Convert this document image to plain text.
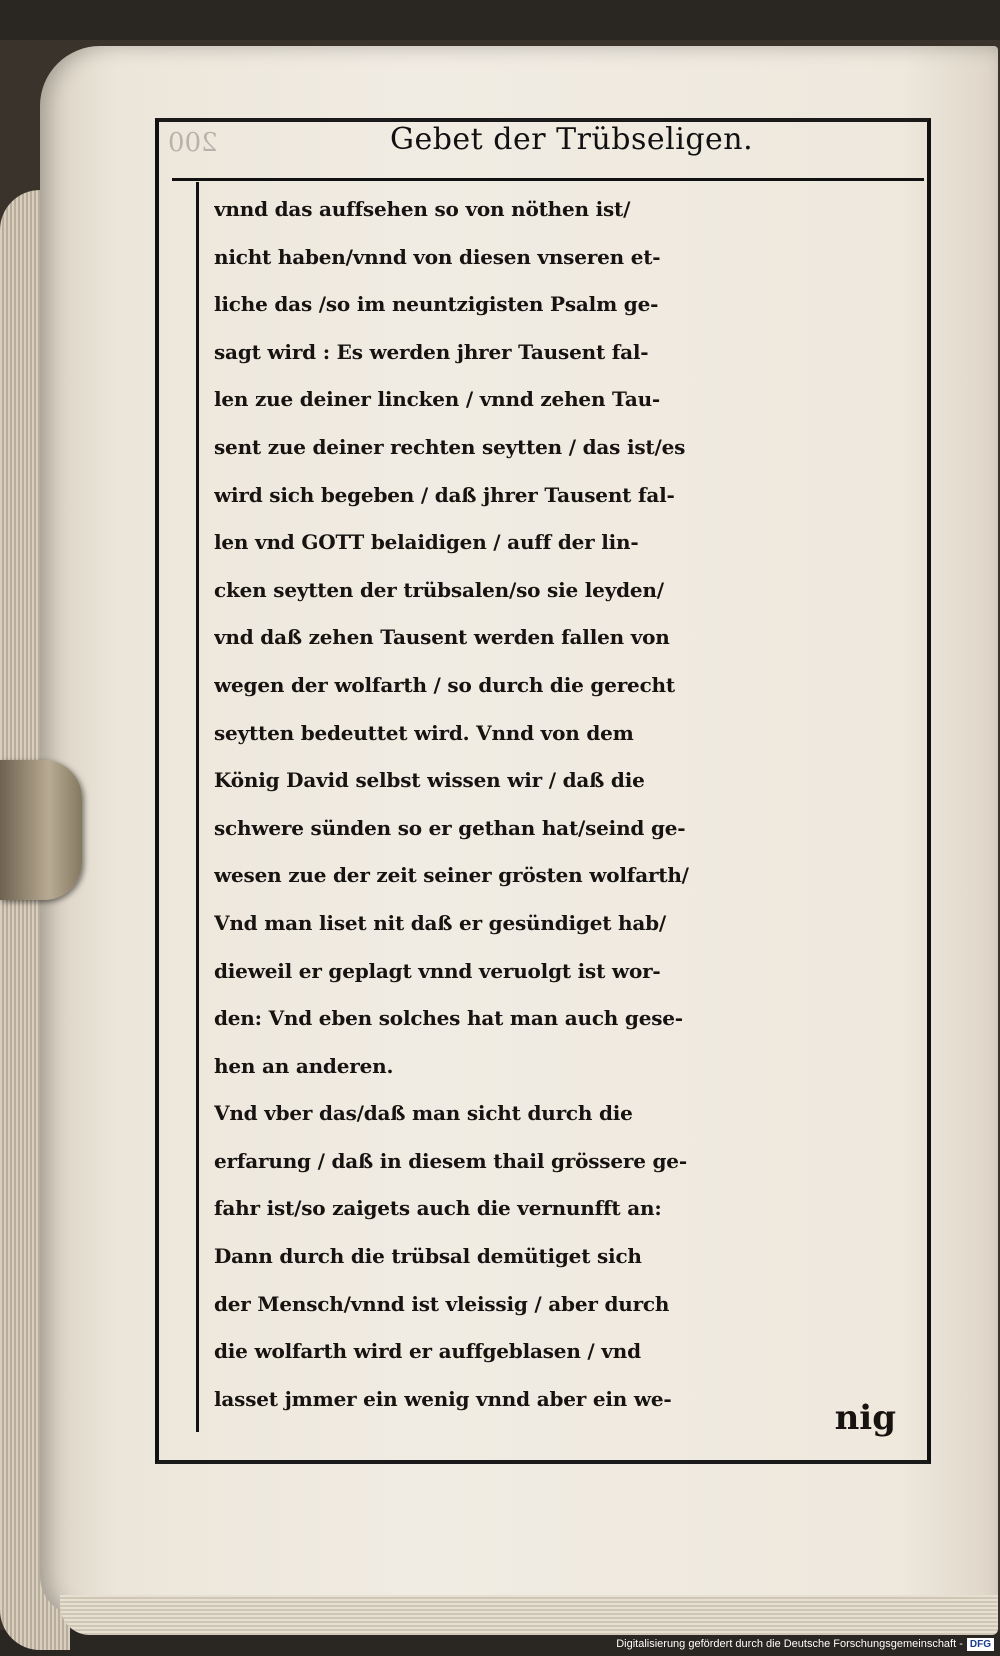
200	Gebet der Trübseligen.
vnnd das auffsehen so von nöthen ist/
nicht haben/vnnd von diesen vnseren et-
liche das /so im neuntzigisten Psalm ge-
sagt wird : Es werden jhrer Tausent fal-
len zue deiner lincken / vnnd zehen Tau-
sent zue deiner rechten seytten / das ist/es
wird sich begeben / daß jhrer Tausent fal-
len vnd GOTT belaidigen / auff der lin-
cken seytten der trübsalen/so sie leyden/
vnd daß zehen Tausent werden fallen von
wegen der wolfarth / so durch die gerecht
seytten bedeuttet wird. Vnnd von dem
König David selbst wissen wir / daß die
schwere sünden so er gethan hat/seind ge-
wesen zue der zeit seiner grösten wolfarth/
Vnd man liset nit daß er gesündiget hab/
dieweil er geplagt vnnd veruolgt ist wor-
den: Vnd eben solches hat man auch gese-
hen an anderen.
Vnd vber das/daß man sicht durch die
erfarung / daß in diesem thail grössere ge-
fahr ist/so zaigets auch die vernunfft an:
Dann durch die trübsal demütiget sich
der Mensch/vnnd ist vleissig / aber durch
die wolfarth wird er auffgeblasen / vnd
lasset jmmer ein wenig vnnd aber ein we-	nig
Digitalisierung gefördert durch die Deutsche Forschungsgemeinschaft - DFG
